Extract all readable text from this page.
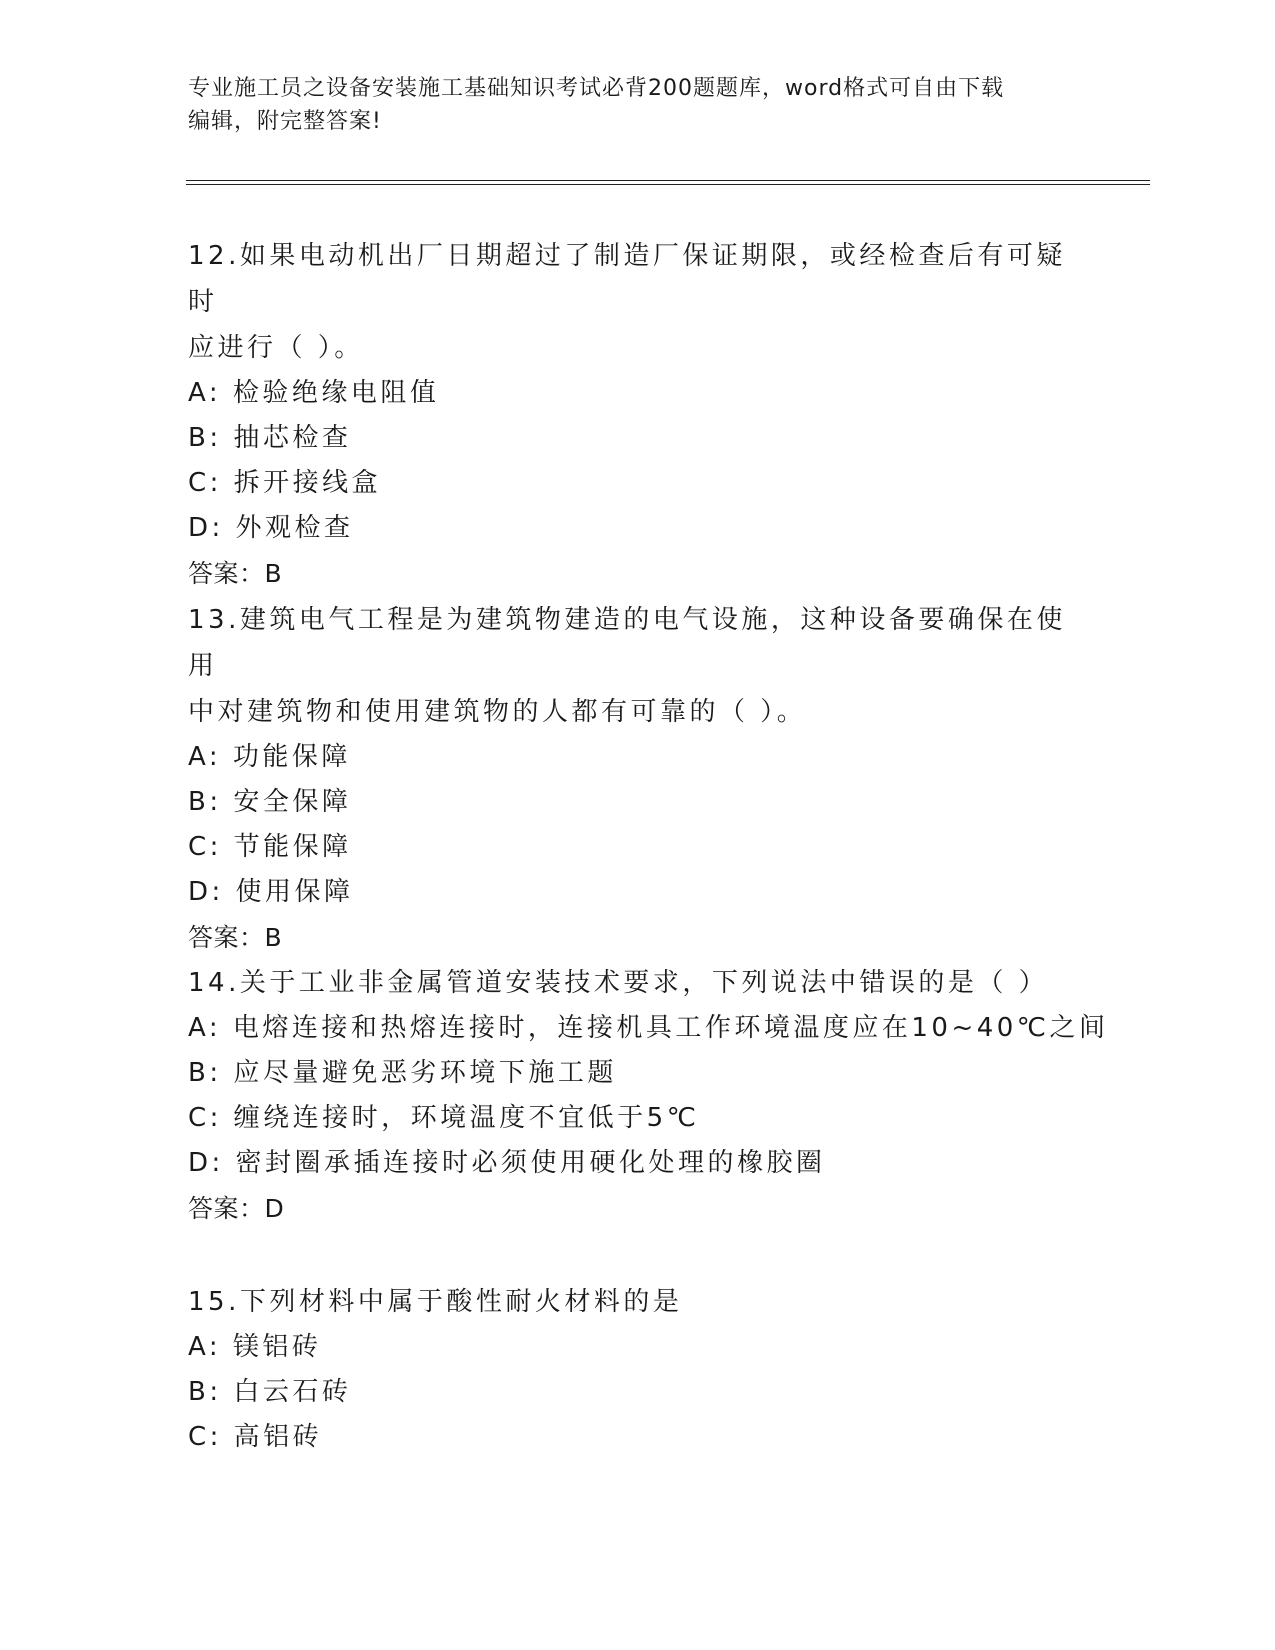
专业施工员之设备安装施工基础知识考试必背200题题库，word格式可自由下载
编辑，附完整答案!

12.如果电动机出厂日期超过了制造厂保证期限，或经检查后有可疑时

应进行（ ）。

A: 检验绝缘电阻值

B: 抽芯检查

C: 拆开接线盒

D: 外观检查

答案：B

13.建筑电气工程是为建筑物建造的电气设施，这种设备要确保在使用

中对建筑物和使用建筑物的人都有可靠的（ ）。

A: 功能保障

B: 安全保障

C: 节能保障

D: 使用保障

答案：B

14.关于工业非金属管道安装技术要求，下列说法中错误的是（ ）

A: 电熔连接和热熔连接时，连接机具工作环境温度应在10~40℃之间

B: 应尽量避免恶劣环境下施工题

C: 缠绕连接时，环境温度不宜低于5℃

D: 密封圈承插连接时必须使用硬化处理的橡胶圈

答案：D

15.下列材料中属于酸性耐火材料的是

A: 镁铝砖

B: 白云石砖

C: 高铝砖
